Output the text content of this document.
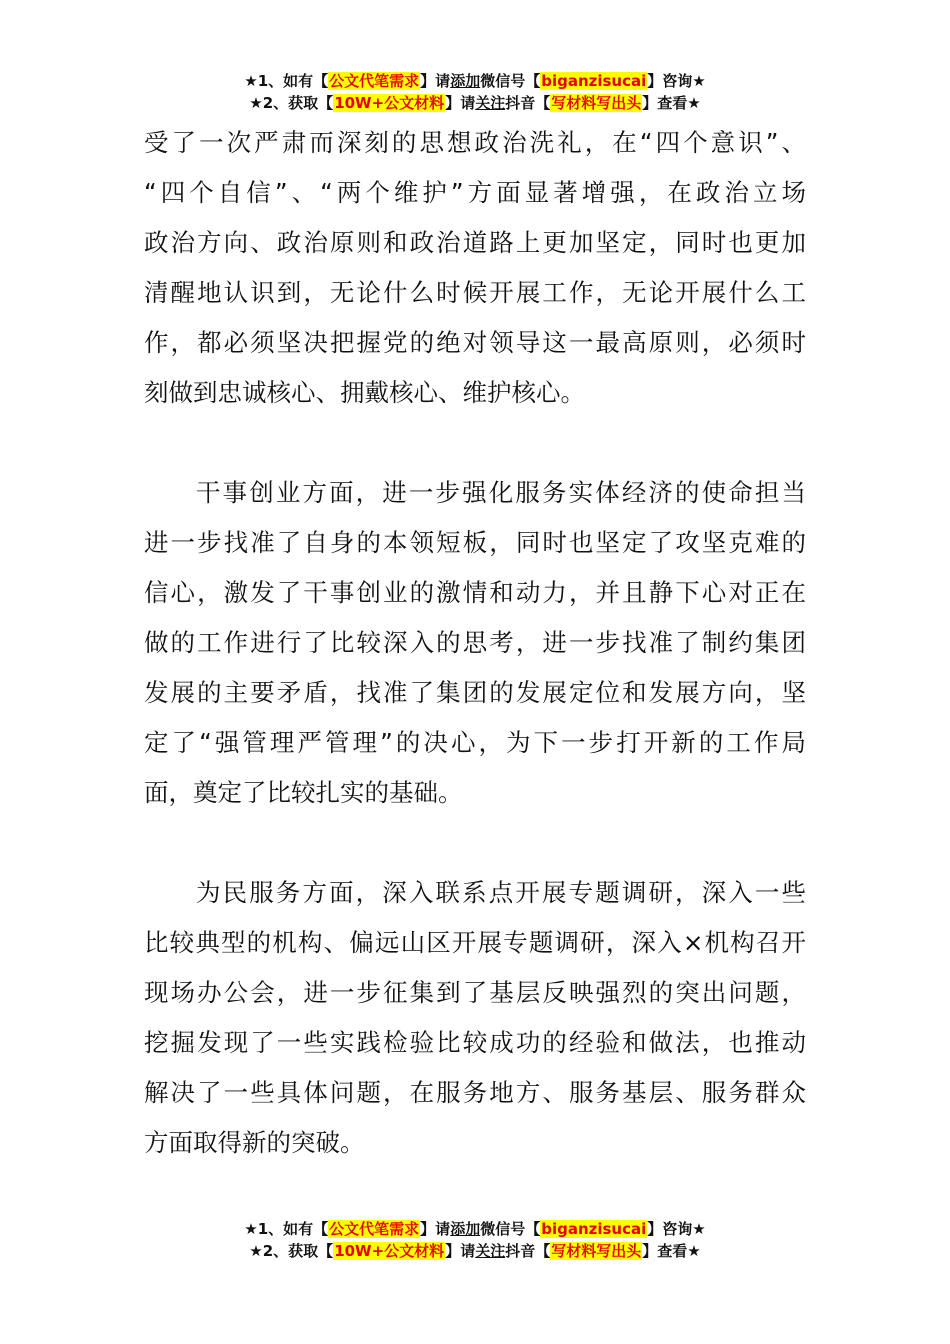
★1、如有【公文代笔需求】请添加微信号【biganzisucai】咨询★
★2、获取【10W+公文材料】请关注抖音【写材料写出头】查看★
受了一次严肃而深刻的思想政治洗礼，在“四个意识”、
“四个自信”、“两个维护”方面显著增强，在政治立场
政治方向、政治原则和政治道路上更加坚定，同时也更加
清醒地认识到，无论什么时候开展工作，无论开展什么工
作，都必须坚决把握党的绝对领导这一最高原则，必须时
刻做到忠诚核心、拥戴核心、维护核心。
干事创业方面，进一步强化服务实体经济的使命担当
进一步找准了自身的本领短板，同时也坚定了攻坚克难的
信心，激发了干事创业的激情和动力，并且静下心对正在
做的工作进行了比较深入的思考，进一步找准了制约集团
发展的主要矛盾，找准了集团的发展定位和发展方向，坚
定了“强管理严管理”的决心，为下一步打开新的工作局
面，奠定了比较扎实的基础。
为民服务方面，深入联系点开展专题调研，深入一些
比较典型的机构、偏远山区开展专题调研，深入×机构召开
现场办公会，进一步征集到了基层反映强烈的突出问题，
挖掘发现了一些实践检验比较成功的经验和做法，也推动
解决了一些具体问题，在服务地方、服务基层、服务群众
方面取得新的突破。
★1、如有【公文代笔需求】请添加微信号【biganzisucai】咨询★
★2、获取【10W+公文材料】请关注抖音【写材料写出头】查看★
